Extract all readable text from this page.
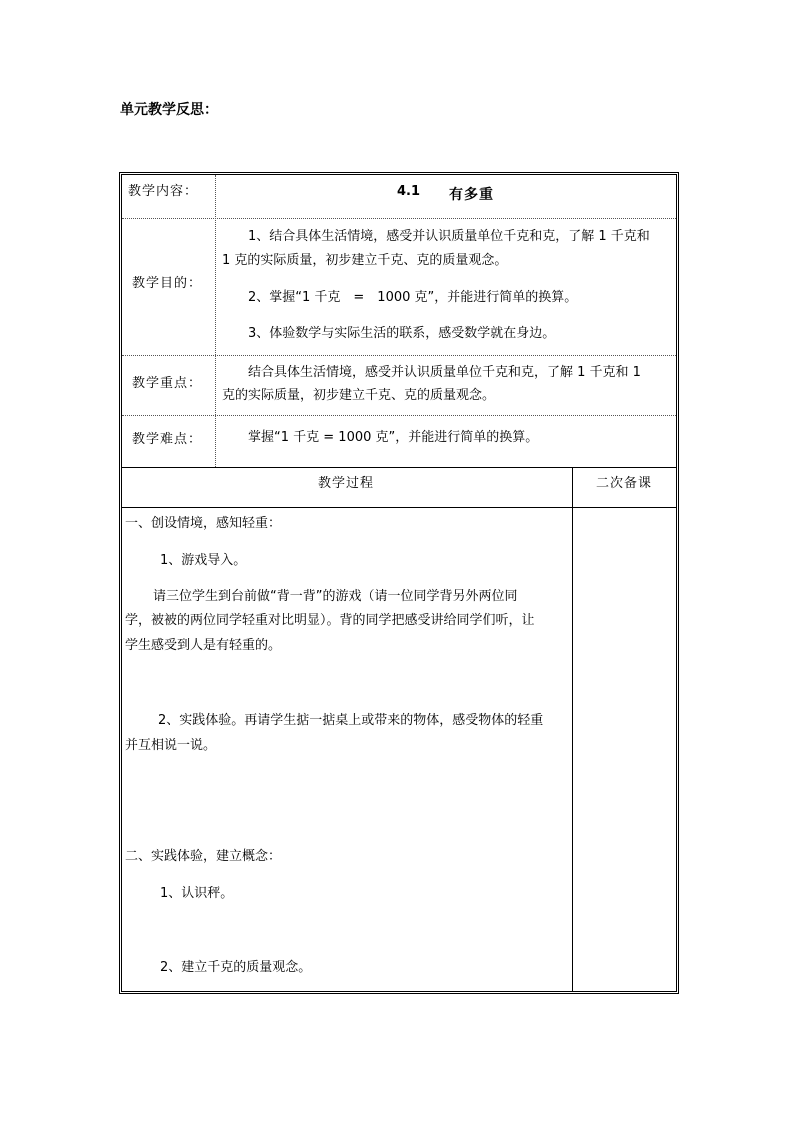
单元教学反思：
教学内容：	4.1 有多重
教学目的：

1、结合具体生活情境，感受并认识质量单位千克和克，了解 1 千克和

1 克的实际质量，初步建立千克、克的质量观念。

2、掌握“1 千克　=　1000 克”，并能进行简单的换算。

3、体验数学与实际生活的联系，感受数学就在身边。

教学重点：

结合具体生活情境，感受并认识质量单位千克和克，了解 1 千克和 1

克的实际质量，初步建立千克、克的质量观念。

教学难点：	掌握“1 千克 = 1000 克”，并能进行简单的换算。

教学过程	二次备课

一、创设情境，感知轻重：

1、游戏导入。

请三位学生到台前做“背一背”的游戏（请一位同学背另外两位同

学，被被的两位同学轻重对比明显）。背的同学把感受讲给同学们听，让

学生感受到人是有轻重的。

2、实践体验。再请学生掂一掂桌上或带来的物体，感受物体的轻重

并互相说一说。

二、实践体验，建立概念：

1、认识秤。

2、建立千克的质量观念。
